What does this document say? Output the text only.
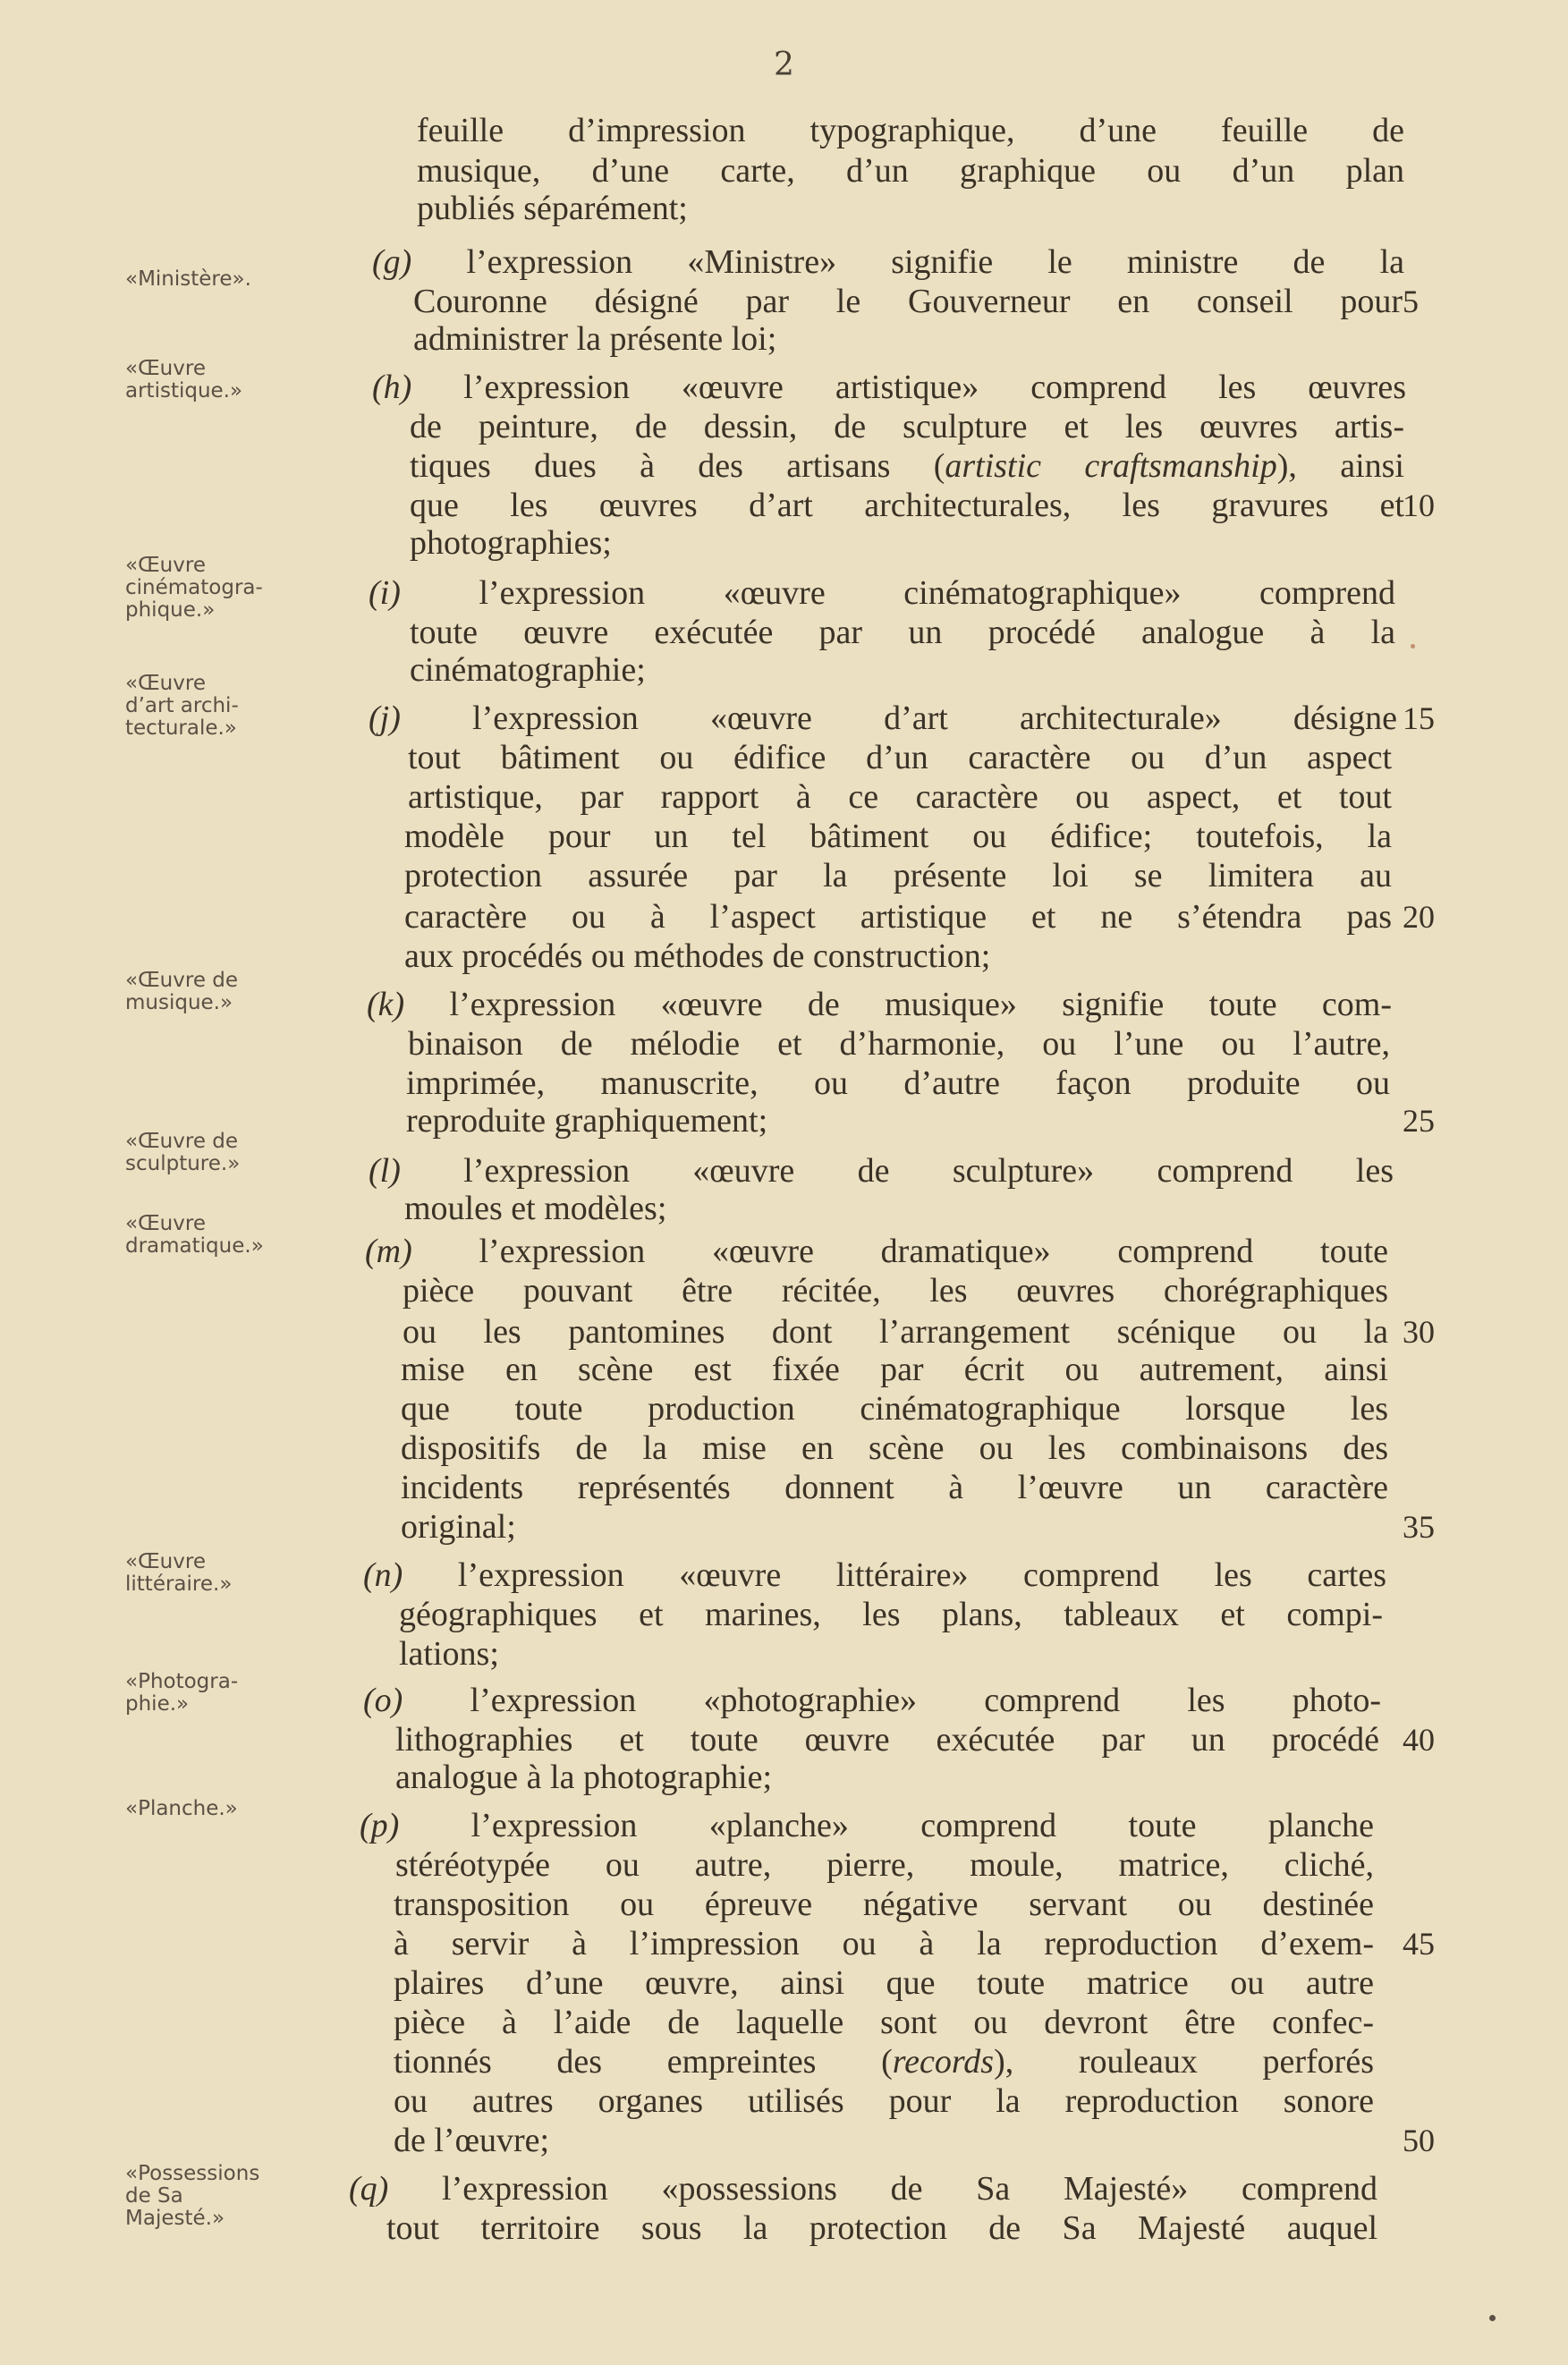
2
feuille d’impression typographique, d’une feuille de
musique, d’une carte, d’un graphique ou d’un plan
publiés séparément;
(g) l’expression «Ministre» signifie le ministre de la
Couronne désigné par le Gouverneur en conseil pour
administrer la présente loi;
(h) l’expression «œuvre artistique» comprend les œuvres
de peinture, de dessin, de sculpture et les œuvres artis-
tiques dues à des artisans (artistic craftsmanship), ainsi
que les œuvres d’art architecturales, les gravures et
photographies;
(i) l’expression «œuvre cinématographique» comprend
toute œuvre exécutée par un procédé analogue à la
cinématographie;
(j) l’expression «œuvre d’art architecturale» désigne
tout bâtiment ou édifice d’un caractère ou d’un aspect
artistique, par rapport à ce caractère ou aspect, et tout
modèle pour un tel bâtiment ou édifice; toutefois, la
protection assurée par la présente loi se limitera au
caractère ou à l’aspect artistique et ne s’étendra pas
aux procédés ou méthodes de construction;
(k) l’expression «œuvre de musique» signifie toute com-
binaison de mélodie et d’harmonie, ou l’une ou l’autre,
imprimée, manuscrite, ou d’autre façon produite ou
reproduite graphiquement;
(l) l’expression «œuvre de sculpture» comprend les
moules et modèles;
(m) l’expression «œuvre dramatique» comprend toute
pièce pouvant être récitée, les œuvres chorégraphiques
ou les pantomines dont l’arrangement scénique ou la
mise en scène est fixée par écrit ou autrement, ainsi
que toute production cinématographique lorsque les
dispositifs de la mise en scène ou les combinaisons des
incidents représentés donnent à l’œuvre un caractère
original;
(n) l’expression «œuvre littéraire» comprend les cartes
géographiques et marines, les plans, tableaux et compi-
lations;
(o) l’expression «photographie» comprend les photo-
lithographies et toute œuvre exécutée par un procédé
analogue à la photographie;
(p) l’expression «planche» comprend toute planche
stéréotypée ou autre, pierre, moule, matrice, cliché,
transposition ou épreuve négative servant ou destinée
à servir à l’impression ou à la reproduction d’exem-
plaires d’une œuvre, ainsi que toute matrice ou autre
pièce à l’aide de laquelle sont ou devront être confec-
tionnés des empreintes (records), rouleaux perforés
ou autres organes utilisés pour la reproduction sonore
de l’œuvre;
(q) l’expression «possessions de Sa Majesté» comprend
tout territoire sous la protection de Sa Majesté auquel
5
10
15
20
25
30
35
40
45
50
«Ministère».
«Œuvre
artistique.»
«Œuvre
cinématogra-
phique.»
«Œuvre
d’art archi-
tecturale.»
«Œuvre de
musique.»
«Œuvre de
sculpture.»
«Œuvre
dramatique.»
«Œuvre
littéraire.»
«Photogra-
phie.»
«Planche.»
«Possessions
de Sa
Majesté.»
